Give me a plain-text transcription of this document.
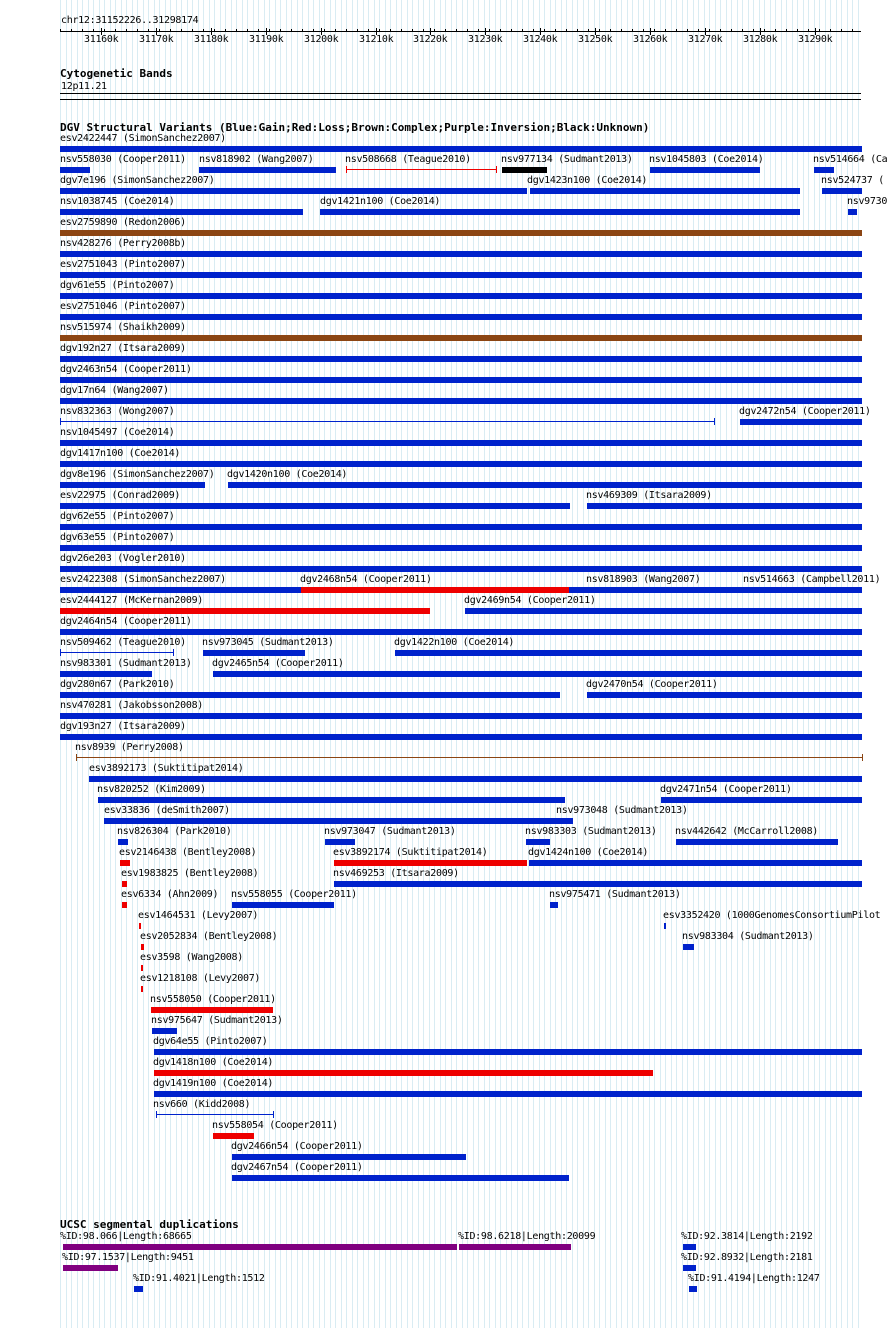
chr12:31152226..31298174
31160k 31170k 31180k 31190k 31200k 31210k 31220k 31230k 31240k 31250k 31260k 31270k 31280k 31290k
Cytogenetic Bands
12p11.21
DGV Structural Variants (Blue:Gain;Red:Loss;Brown:Complex;Purple:Inversion;Black:Unknown)
esv2422447 (SimonSanchez2007)
nsv558030 (Cooper2011) nsv818902 (Wang2007)	nsv508668 (Teague2010)	nsv977134 (Sudmant2013) nsv1045803 (Coe2014)	nsv514664 (Ca
dgv7e196 (SimonSanchez2007)	dgv1423n100 (Coe2014)	nsv524737 (
nsv1038745 (Coe2014)	dgv1421n100 (Coe2014)	nsv9730
esv2759890 (Redon2006)
nsv428276 (Perry2008b)
esv2751043 (Pinto2007)
dgv61e55 (Pinto2007)
esv2751046 (Pinto2007)
nsv515974 (Shaikh2009)
dgv192n27 (Itsara2009)
dgv2463n54 (Cooper2011)
dgv17n64 (Wang2007)
nsv832363 (Wong2007)	dgv2472n54 (Cooper2011)
nsv1045497 (Coe2014)
dgv1417n100 (Coe2014)
dgv8e196 (SimonSanchez2007) dgv1420n100 (Coe2014)
esv22975 (Conrad2009)	nsv469309 (Itsara2009)
dgv62e55 (Pinto2007)
dgv63e55 (Pinto2007)
dgv26e203 (Vogler2010)
esv2422308 (SimonSanchez2007)	dgv2468n54 (Cooper2011)	nsv818903 (Wang2007)	nsv514663 (Campbell2011)
esv2444127 (McKernan2009)	dgv2469n54 (Cooper2011)
dgv2464n54 (Cooper2011)
nsv509462 (Teague2010) nsv973045 (Sudmant2013)	dgv1422n100 (Coe2014)
nsv983301 (Sudmant2013) dgv2465n54 (Cooper2011)
dgv280n67 (Park2010)	dgv2470n54 (Cooper2011)
nsv470281 (Jakobsson2008)
dgv193n27 (Itsara2009)
nsv8939 (Perry2008)
esv3892173 (Suktitipat2014)
nsv820252 (Kim2009)	dgv2471n54 (Cooper2011)
esv33836 (deSmith2007)	nsv973048 (Sudmant2013)
nsv826304 (Park2010)	nsv973047 (Sudmant2013)	nsv983303 (Sudmant2013) nsv442642 (McCarroll2008)
esv2146438 (Bentley2008)	esv3892174 (Suktitipat2014)	dgv1424n100 (Coe2014)
esv1983825 (Bentley2008)	nsv469253 (Itsara2009)
esv6334 (Ahn2009) nsv558055 (Cooper2011)	nsv975471 (Sudmant2013)
esv1464531 (Levy2007)	esv3352420 (1000GenomesConsortiumPilot
esv2052834 (Bentley2008)	nsv983304 (Sudmant2013)
esv3598 (Wang2008)
esv1218108 (Levy2007)
nsv558050 (Cooper2011)
nsv975647 (Sudmant2013)
dgv64e55 (Pinto2007)
dgv1418n100 (Coe2014)
dgv1419n100 (Coe2014)
nsv660 (Kidd2008)
nsv558054 (Cooper2011)
dgv2466n54 (Cooper2011)
dgv2467n54 (Cooper2011)
UCSC segmental duplications
%ID:98.066|Length:68665	%ID:98.6218|Length:20099	%ID:92.3814|Length:2192
%ID:97.1537|Length:9451	%ID:92.8932|Length:2181
%ID:91.4021|Length:1512	%ID:91.4194|Length:1247
